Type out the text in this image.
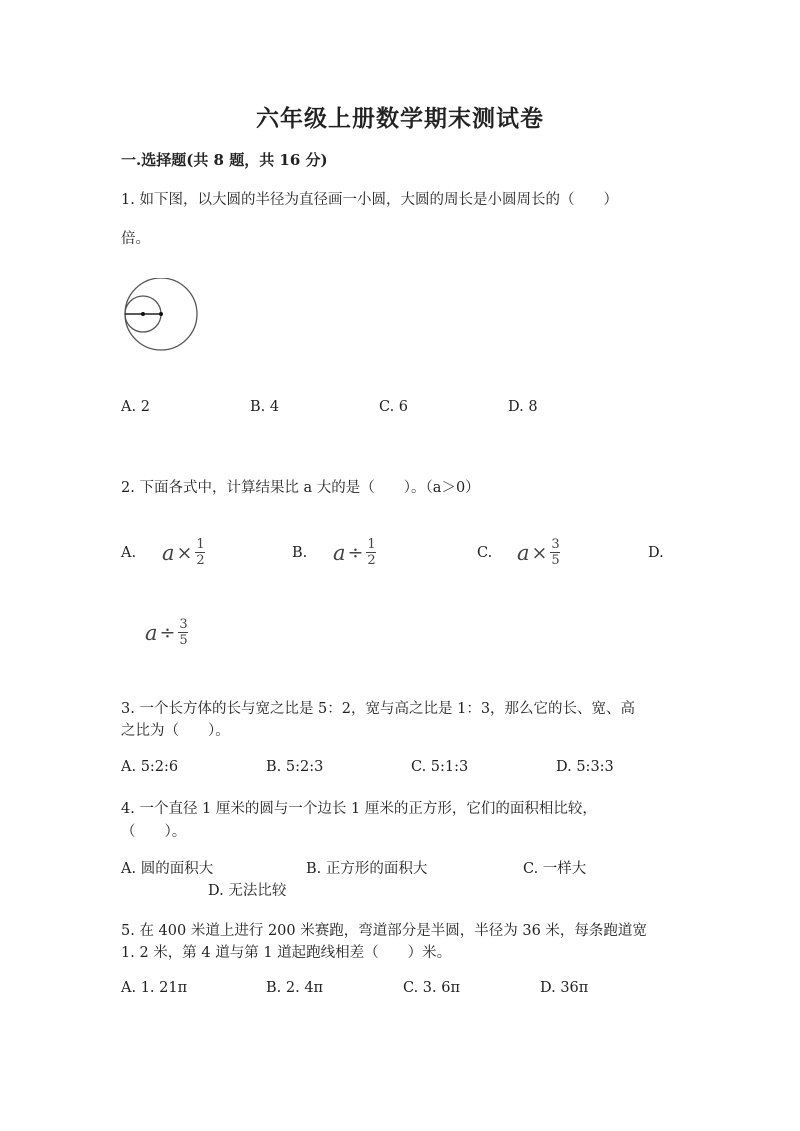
六年级上册数学期末测试卷
一.选择题(共 8 题，共 16 分)
1. 如下图，以大圆的半径为直径画一小圆，大圆的周长是小圆周长的（　　）
倍。
A. 2	B. 4	C. 6	D. 8
2. 下面各式中，计算结果比 a 大的是（　　）。（a＞0）
A. $a \times \frac{1}{2}$	B. $a \div \frac{1}{2}$	C. $a \times \frac{3}{5}$	D.
$a \div \frac{3}{5}$
3. 一个长方体的长与宽之比是 5：2，宽与高之比是 1：3，那么它的长、宽、高
之比为（　　）。
A. 5:2:6	B. 5:2:3	C. 5:1:3	D. 5:3:3
4. 一个直径 1 厘米的圆与一个边长 1 厘米的正方形，它们的面积相比较，
（　　）。
A. 圆的面积大	B. 正方形的面积大	C. 一样大
D. 无法比较
5. 在 400 米道上进行 200 米赛跑，弯道部分是半圆，半径为 36 米，每条跑道宽
1. 2 米，第 4 道与第 1 道起跑线相差（　　）米。
A. 1. 21π	B. 2. 4π	C. 3. 6π	D. 36π
